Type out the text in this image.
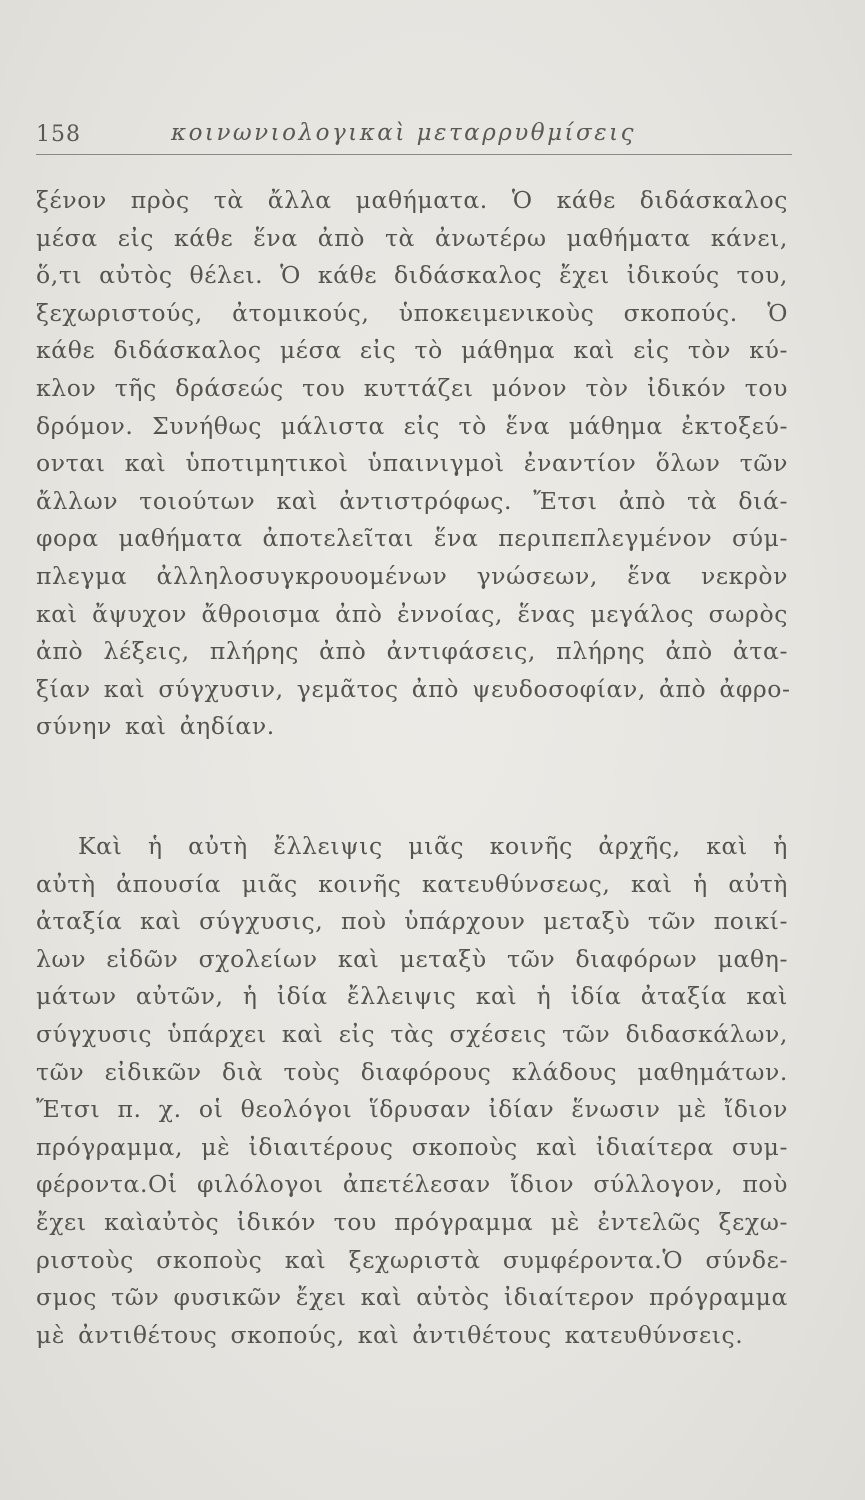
158	κοινωνιολογικαὶ μεταρρυθμίσεις
ξένον πρὸς τὰ ἄλλα μαθήματα. Ὁ κάθε διδάσκαλος
μέσα εἰς κάθε ἕνα ἀπὸ τὰ ἀνωτέρω μαθήματα κάνει,
ὅ,τι αὐτὸς θέλει. Ὁ κάθε διδάσκαλος ἔχει ἰδικούς του,
ξεχωριστούς, ἀτομικούς, ὑποκειμενικοὺς σκοπούς. Ὁ
κάθε διδάσκαλος μέσα εἰς τὸ μάθημα καὶ εἰς τὸν κύ-
κλον τῆς δράσεώς του κυττάζει μόνον τὸν ἰδικόν του
δρόμον. Συνήθως μάλιστα εἰς τὸ ἕνα μάθημα ἐκτοξεύ-
ονται καὶ ὑποτιμητικοὶ ὑπαινιγμοὶ ἐναντίον ὅλων τῶν
ἄλλων τοιούτων καὶ ἀντιστρόφως. Ἔτσι ἀπὸ τὰ διά-
φορα μαθήματα ἀποτελεῖται ἕνα περιπεπλεγμένον σύμ-
πλεγμα ἀλληλοσυγκρουομένων γνώσεων, ἕνα νεκρὸν
καὶ ἄψυχον ἄθροισμα ἀπὸ ἐννοίας, ἕνας μεγάλος σωρὸς
ἀπὸ λέξεις, πλήρης ἀπὸ ἀντιφάσεις, πλήρης ἀπὸ ἀτα-
ξίαν καὶ σύγχυσιν, γεμᾶτος ἀπὸ ψευδοσοφίαν, ἀπὸ ἀφρο-
σύνην καὶ ἀηδίαν.
Καὶ ἡ αὐτὴ ἔλλειψις μιᾶς κοινῆς ἀρχῆς, καὶ ἡ
αὐτὴ ἀπουσία μιᾶς κοινῆς κατευθύνσεως, καὶ ἡ αὐτὴ
ἀταξία καὶ σύγχυσις, ποὺ ὑπάρχουν μεταξὺ τῶν ποικί-
λων εἰδῶν σχολείων καὶ μεταξὺ τῶν διαφόρων μαθη-
μάτων αὐτῶν, ἡ ἰδία ἔλλειψις καὶ ἡ ἰδία ἀταξία καὶ
σύγχυσις ὑπάρχει καὶ εἰς τὰς σχέσεις τῶν διδασκάλων,
τῶν εἰδικῶν διὰ τοὺς διαφόρους κλάδους μαθημάτων.
Ἔτσι π. χ. οἱ θεολόγοι ἵδρυσαν ἰδίαν ἕνωσιν μὲ ἴδιον
πρόγραμμα, μὲ ἰδιαιτέρους σκοποὺς καὶ ἰδιαίτερα συμ-
φέροντα.Οἱ φιλόλογοι ἀπετέλεσαν ἴδιον σύλλογον, ποὺ
ἔχει καὶαὐτὸς ἰδικόν του πρόγραμμα μὲ ἐντελῶς ξεχω-
ριστοὺς σκοποὺς καὶ ξεχωριστὰ συμφέροντα.Ὁ σύνδε-
σμος τῶν φυσικῶν ἔχει καὶ αὐτὸς ἰδιαίτερον πρόγραμμα
μὲ ἀντιθέτους σκοπούς, καὶ ἀντιθέτους κατευθύνσεις.
